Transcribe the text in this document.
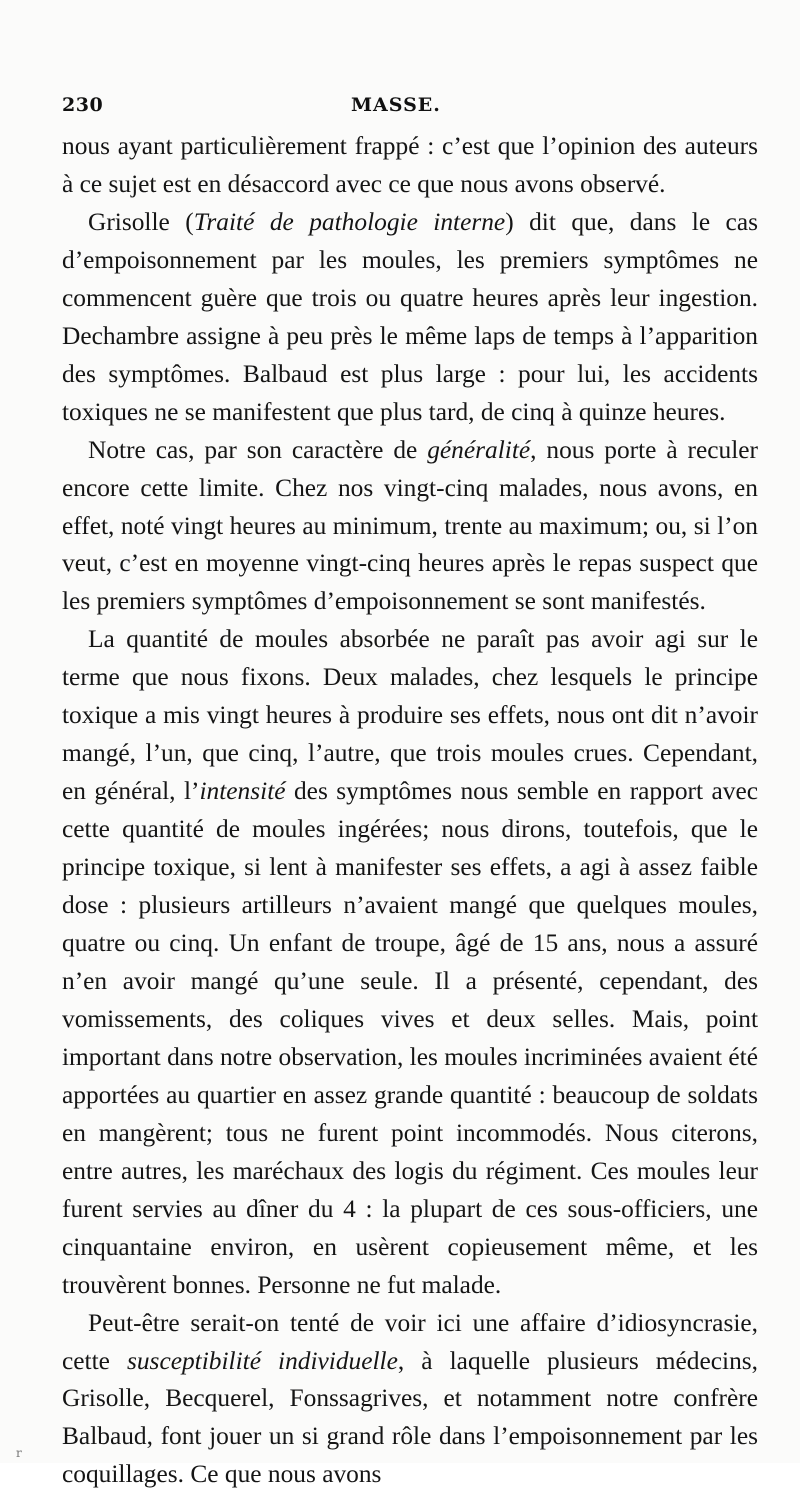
230	MASSE.

nous ayant particulièrement frappé : c’est que l’opinion des auteurs à ce sujet est en désaccord avec ce que nous avons observé.

Grisolle (Traité de pathologie interne) dit que, dans le cas d’empoisonnement par les moules, les premiers symptômes ne commencent guère que trois ou quatre heures après leur ingestion. Dechambre assigne à peu près le même laps de temps à l’apparition des symptômes. Balbaud est plus large : pour lui, les accidents toxiques ne se manifestent que plus tard, de cinq à quinze heures.

Notre cas, par son caractère de généralité, nous porte à reculer encore cette limite. Chez nos vingt-cinq malades, nous avons, en effet, noté vingt heures au minimum, trente au maximum; ou, si l’on veut, c’est en moyenne vingt-cinq heures après le repas suspect que les premiers symptômes d’empoisonnement se sont manifestés.

La quantité de moules absorbée ne paraît pas avoir agi sur le terme que nous fixons. Deux malades, chez lesquels le principe toxique a mis vingt heures à produire ses effets, nous ont dit n’avoir mangé, l’un, que cinq, l’autre, que trois moules crues. Cependant, en général, l’intensité des symptômes nous semble en rapport avec cette quantité de moules ingérées; nous dirons, toutefois, que le principe toxique, si lent à manifester ses effets, a agi à assez faible dose : plusieurs artilleurs n’avaient mangé que quelques moules, quatre ou cinq. Un enfant de troupe, âgé de 15 ans, nous a assuré n’en avoir mangé qu’une seule. Il a présenté, cependant, des vomissements, des coliques vives et deux selles. Mais, point important dans notre observation, les moules incriminées avaient été apportées au quartier en assez grande quantité : beaucoup de soldats en mangèrent; tous ne furent point incommodés. Nous citerons, entre autres, les maréchaux des logis du régiment. Ces moules leur furent servies au dîner du 4 : la plupart de ces sous-officiers, une cinquantaine environ, en usèrent copieusement même, et les trouvèrent bonnes. Personne ne fut malade.

Peut-être serait-on tenté de voir ici une affaire d’idiosyncrasie, cette susceptibilité individuelle, à laquelle plusieurs médecins, Grisolle, Becquerel, Fonssagrives, et notamment notre confrère Balbaud, font jouer un si grand rôle dans l’empoisonnement par les coquillages. Ce que nous avons

r
